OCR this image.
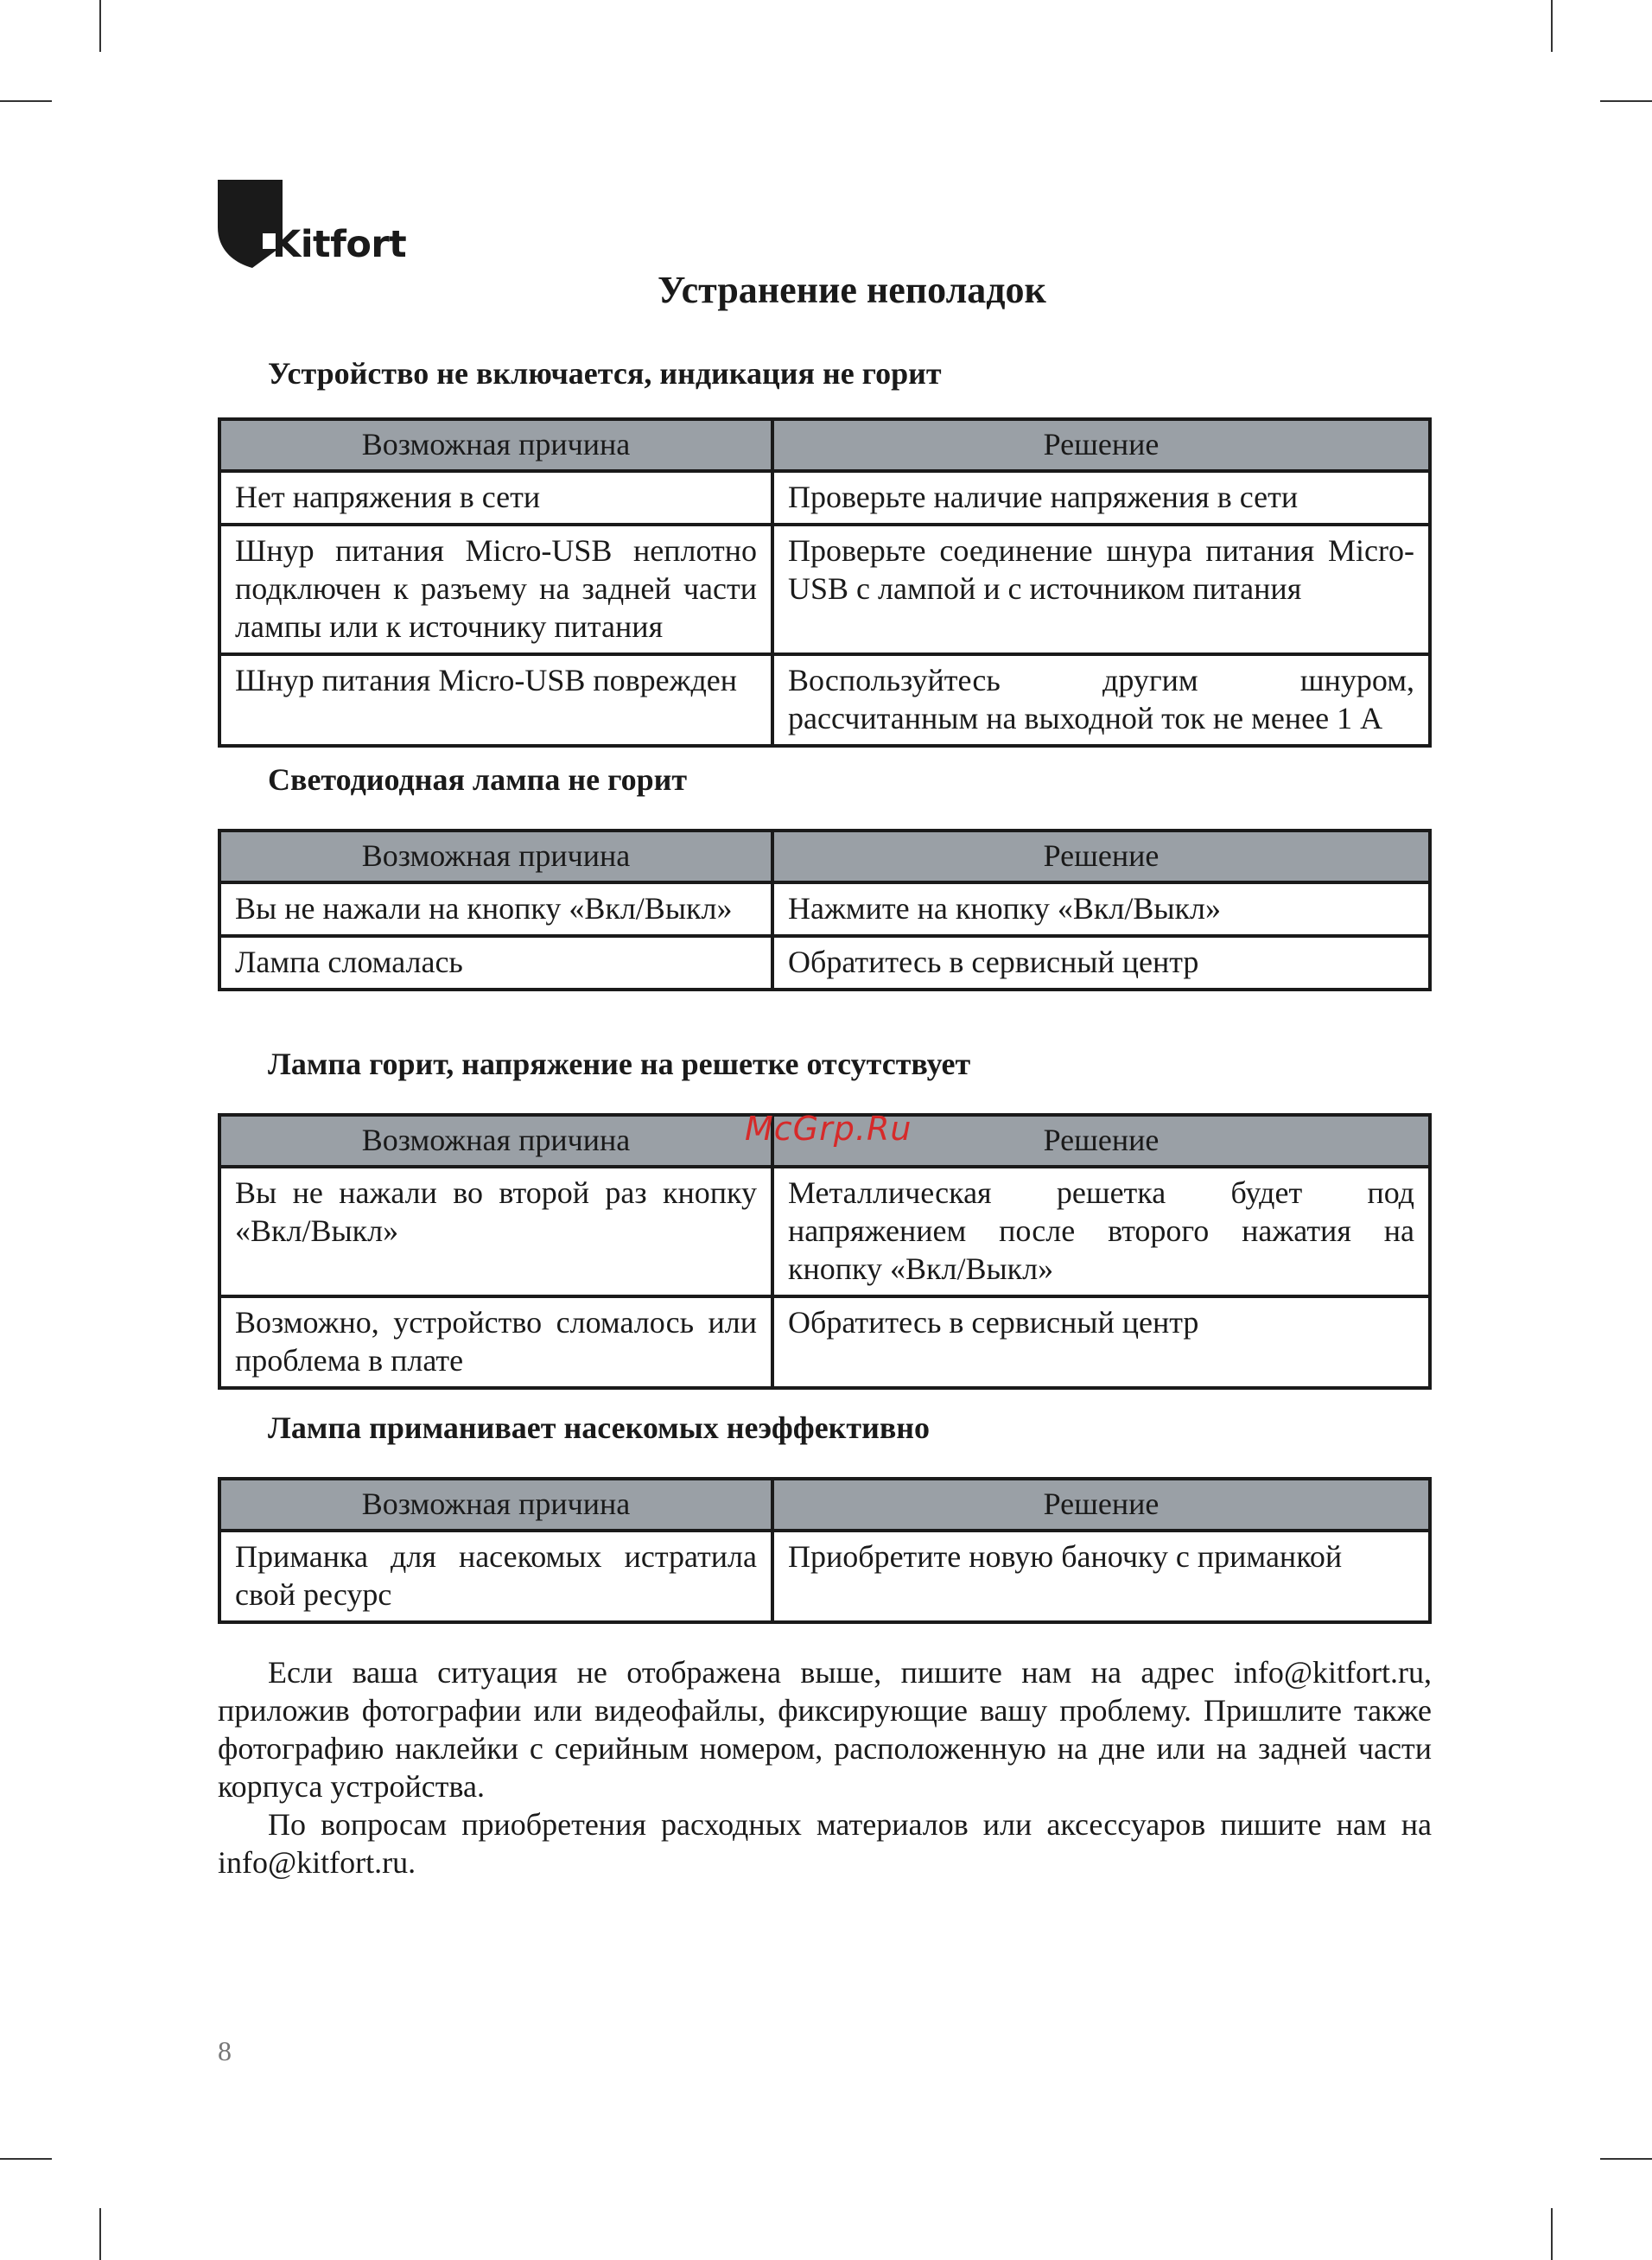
Kitfort
Устранение неполадок
Устройство не включается, индикация не горит
Возможная причина	Решение
Нет напряжения в сети	Проверьте наличие напряжения в сети
Шнур питания Micro-USB неплотно подключен к разъему на задней части лампы или к источнику питания	Проверьте соединение шнура питания Micro-USB с лампой и с источником питания
Шнур питания Micro-USB поврежден	Воспользуйтесь другим шнуром, рассчитанным на выходной ток не менее 1 А
Светодиодная лампа не горит
Возможная причина	Решение
Вы не нажали на кнопку «Вкл/Выкл»	Нажмите на кнопку «Вкл/Выкл»
Лампа сломалась	Обратитесь в сервисный центр
Лампа горит, напряжение на решетке отсутствует
Возможная причина	Решение
Вы не нажали во второй раз кнопку «Вкл/Выкл»	Металлическая решетка будет под напряжением после второго нажатия на кнопку «Вкл/Выкл»
Возможно, устройство сломалось или проблема в плате	Обратитесь в сервисный центр
Лампа приманивает насекомых неэффективно
Возможная причина	Решение
Приманка для насекомых истратила свой ресурс	Приобретите новую баночку с приманкой

Если ваша ситуация не отображена выше, пишите нам на адрес info@kitfort.ru, приложив фотографии или видеофайлы, фиксирующие вашу проблему. Пришлите также фотографию наклейки с серийным номером, расположенную на дне или на задней части корпуса устройства.

По вопросам приобретения расходных материалов или аксессуаров пишите нам на info@kitfort.ru.

McGrp.Ru
8
